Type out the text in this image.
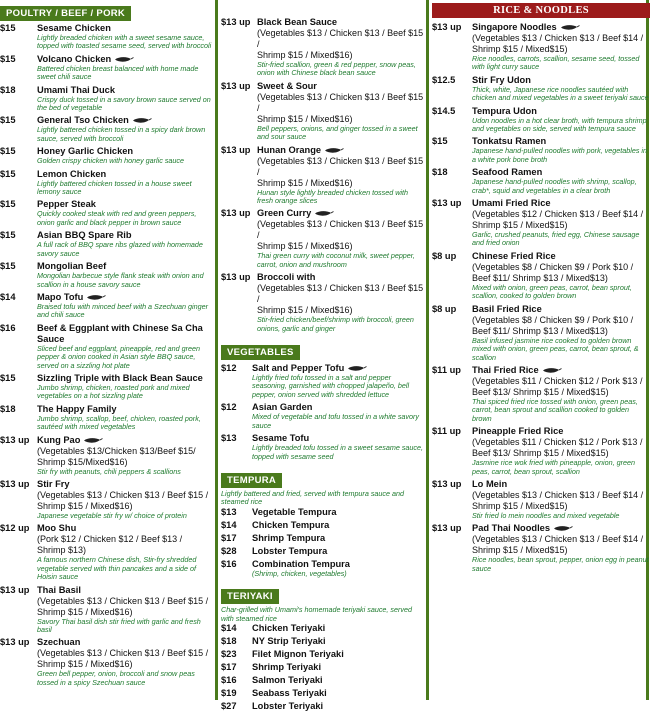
POULTRY / BEEF / PORK
$15	Sesame Chicken
Lightly breaded chicken with a sweet sesame sauce, topped with toasted sesame seed, served with broccoli
$15	Volcano Chicken
Battered chicken breast balanced with home made sweet chili sauce
$18	Umami Thai Duck
Crispy duck tossed in a savory brown sauce served on the bed of vegetable
$15	General Tso Chicken
Lightly battered chicken tossed in a spicy dark brown sauce, served with broccoli
$15	Honey Garlic Chicken
Golden crispy chicken with honey garlic sauce
$15	Lemon Chicken
Lightly battered chicken tossed in a house sweet lemony sauce
$15	Pepper Steak
Quickly cooked steak with red and green peppers, onion garlic and black pepper in brown sauce
$15	Asian BBQ Spare Rib
A full rack of BBQ spare ribs glazed with homemade savory sauce
$15	Mongolian Beef
Mongolian barbecue style flank steak with onion and scallion in a house savory sauce
$14	Mapo Tofu
Braised tofu with minced beef with a Szechuan ginger and chili sauce
$16	Beef & Eggplant with Chinese Sa Cha Sauce
Sliced beef and eggplant, pineapple, red and green pepper & onion cooked in Asian style BBQ sauce, served on a sizzling hot plate
$15	Sizzling Triple with Black Bean Sauce
Jumbo shrimp, chicken, roasted pork and mixed vegetables on a hot sizzling plate
$18	The Happy Family
Jumbo shrimp, scallop, beef, chicken, roasted pork, sautéed with mixed vegetables
$13 up Kung Pao
(Vegetables $13/Chicken $13/Beef $15/
Shrimp $15/Mixed$16)
Stir fry with peanuts, chili peppers & scallions
$13 up Stir Fry
(Vegetables $13 / Chicken $13 / Beef $15 /
Shrimp $15 / Mixed$16)
Japanese vegetable stir fry w/ choice of protein
$12 up Moo Shu
(Pork $12 / Chicken $12 / Beef $13 / Shrimp $13)
A famous northern Chinese dish, Stir-fry shredded vegetable served with thin pancakes and a side of Hoisin sauce
$13 up Thai Basil
(Vegetables $13 / Chicken $13 / Beef $15 /
Shrimp $15 / Mixed$16)
Savory Thai basil dish stir fried with garlic and fresh basil
$13 up Szechuan
(Vegetables $13 / Chicken $13 / Beef $15 /
Shrimp $15 / Mixed$16)
Green bell pepper, onion, broccoli and snow peas tossed in a spicy Szechuan sauce
$13 up Black Bean Sauce
(Vegetables $13 / Chicken $13 / Beef $15 /
Shrimp $15 / Mixed$16)
Stir-fried scallion, green & red pepper, snow peas, onion with Chinese black bean sauce
$13 up Sweet & Sour
(Vegetables $13 / Chicken $13 / Beef $15 /
Shrimp $15 / Mixed$16)
Bell peppers, onions, and ginger tossed in a sweet and sour sauce
$13 up Hunan Orange
(Vegetables $13 / Chicken $13 / Beef $15 /
Shrimp $15 / Mixed$16)
Hunan style lightly breaded chicken tossed with fresh orange slices
$13 up Green Curry
(Vegetables $13 / Chicken $13 / Beef $15 /
Shrimp $15 / Mixed$16)
Thai green curry with coconut milk, sweet pepper, carrot, onion and mushroom
$13 up Broccoli with
(Vegetables $13 / Chicken $13 / Beef $15 /
Shrimp $15 / Mixed$16)
Stir-fried chicken/beef/shrimp with broccoli, green onions, garlic and ginger
VEGETABLES
$12	Salt and Pepper Tofu
Lightly fried tofu tossed in a salt and pepper seasoning, garnished with chopped jalapeño, bell pepper, onion served with shredded lettuce
$12	Asian Garden
Mixed of vegetable and tofu tossed in a white savory sauce
$13	Sesame Tofu
Lightly breaded tofu tossed in a sweet sesame sauce, topped with sesame seed
TEMPURA
Lightly battered and fried, served with tempura sauce and steamed rice
$13	Vegetable Tempura
$14	Chicken Tempura
$17	Shrimp Tempura
$28	Lobster Tempura
$16	Combination Tempura
(Shrimp, chicken, vegetables)
TERIYAKI
Char-grilled with Umami's homemade teriyaki sauce, served with steamed rice
$14	Chicken Teriyaki
$18	NY Strip Teriyaki
$23	Filet Mignon Teriyaki
$17	Shrimp Teriyaki
$16	Salmon Teriyaki
$19	Seabass Teriyaki
$27	Lobster Teriyaki
RICE & NOODLES
$13 up	Singapore Noodles
(Vegetables $13 / Chicken $13 / Beef $14 /
Shrimp $15 / Mixed$15)
Rice noodles, carrots, scallion, sesame seed, tossed with light curry sauce
$12.5	Stir Fry Udon
Thick, white, Japanese rice noodles sautéed with chicken and mixed vegetables in a sweet teriyaki sauce
$14.5	Tempura Udon
Udon noodles in a hot clear broth, with tempura shrimp and vegetables on side, served with tempura sauce
$15	Tonkatsu Ramen
Japanese hand-pulled noodles with pork, vegetables in a white pork bone broth
$18	Seafood Ramen
Japanese hand-pulled noodles with shrimp, scallop, crab*, squid and vegetables in a clear broth
$13 up	Umami Fried Rice
(Vegetables $12 / Chicken $13 / Beef $14 /
Shrimp $15 / Mixed$15)
Garlic, crushed peanuts, fried egg, Chinese sausage and fried onion
$8 up	Chinese Fried Rice
(Vegetables $8 / Chicken $9 / Pork $10 /
Beef $11/ Shrimp $13 / Mixed$13)
Mixed with onion, green peas, carrot, bean sprout, scallion, cooked to golden brown
$8 up	Basil Fried Rice
(Vegetables $8 / Chicken $9 / Pork $10 /
Beef $11/ Shrimp $13 / Mixed$13)
Basil infused jasmine rice cooked to golden brown mixed with onion, green peas, carrot, bean sprout, & scallion
$11 up	Thai Fried Rice
(Vegetables $11 / Chicken $12 / Pork $13 /
Beef $13/ Shrimp $15 / Mixed$15)
Thai spiced fried rice tossed with onion, green peas, carrot, bean sprout and scallion cooked to golden brown
$11 up	Pineapple Fried Rice
(Vegetables $11 / Chicken $12 / Pork $13 /
Beef $13/ Shrimp $15 / Mixed$15)
Jasmine rice wok fried with pineapple, onion, green peas, carrot, bean sprout, scallion
$13 up	Lo Mein
(Vegetables $13 / Chicken $13 / Beef $14 /
Shrimp $15 / Mixed$15)
Stir fried lo mein noodles and mixed vegetable
$13 up	Pad Thai Noodles
(Vegetables $13 / Chicken $13 / Beef $14 /
Shrimp $15 / Mixed$15)
Rice noodles, bean sprout, pepper, onion egg in peanut sauce
